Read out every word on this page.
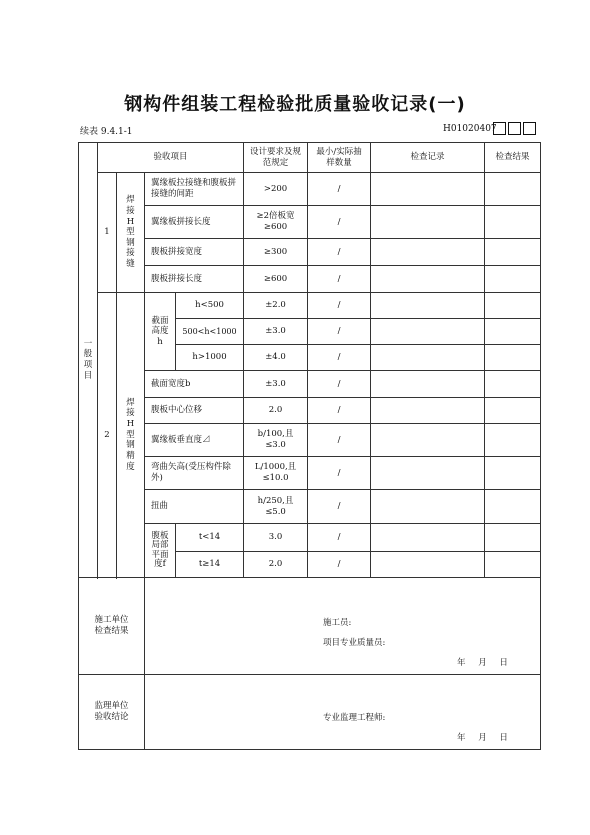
钢构件组装工程检验批质量验收记录(一)
续表 9.4.1-1	H01020407
一般项目	验收项目				设计要求及规范规定	最小/实际抽样数量	检查记录	检查结果
	1	焊接H型钢接缝	翼缘板拉接缝和腹板拼接缝的间距		>200	/		
			翼缘板拼接长度		≥2倍板宽≥600	/		
			腹板拼接宽度		≥300	/		
			腹板拼接长度		≥600	/		
	2	焊接H型钢精度	截面高度h	h<500	±2.0	/		
				500<h<1000	±3.0	/		
				h>1000	±4.0	/		
			截面宽度b		±3.0	/		
			腹板中心位移		2.0	/		
			翼缘板垂直度⊿		b/100,且≤3.0	/		

			弯曲矢高(受压构件除外)		L/1000,且≤10.0	/		
			扭曲		h/250,且≤5.0	/		

			腹板局部平面度f	t<14	3.0	/		
				t≥14	2.0	/		

施工单位检查结果			施工员:
项目专业质量员:
年 月 日					

监理单位验收结论			专业监理工程师:
年 月 日					
